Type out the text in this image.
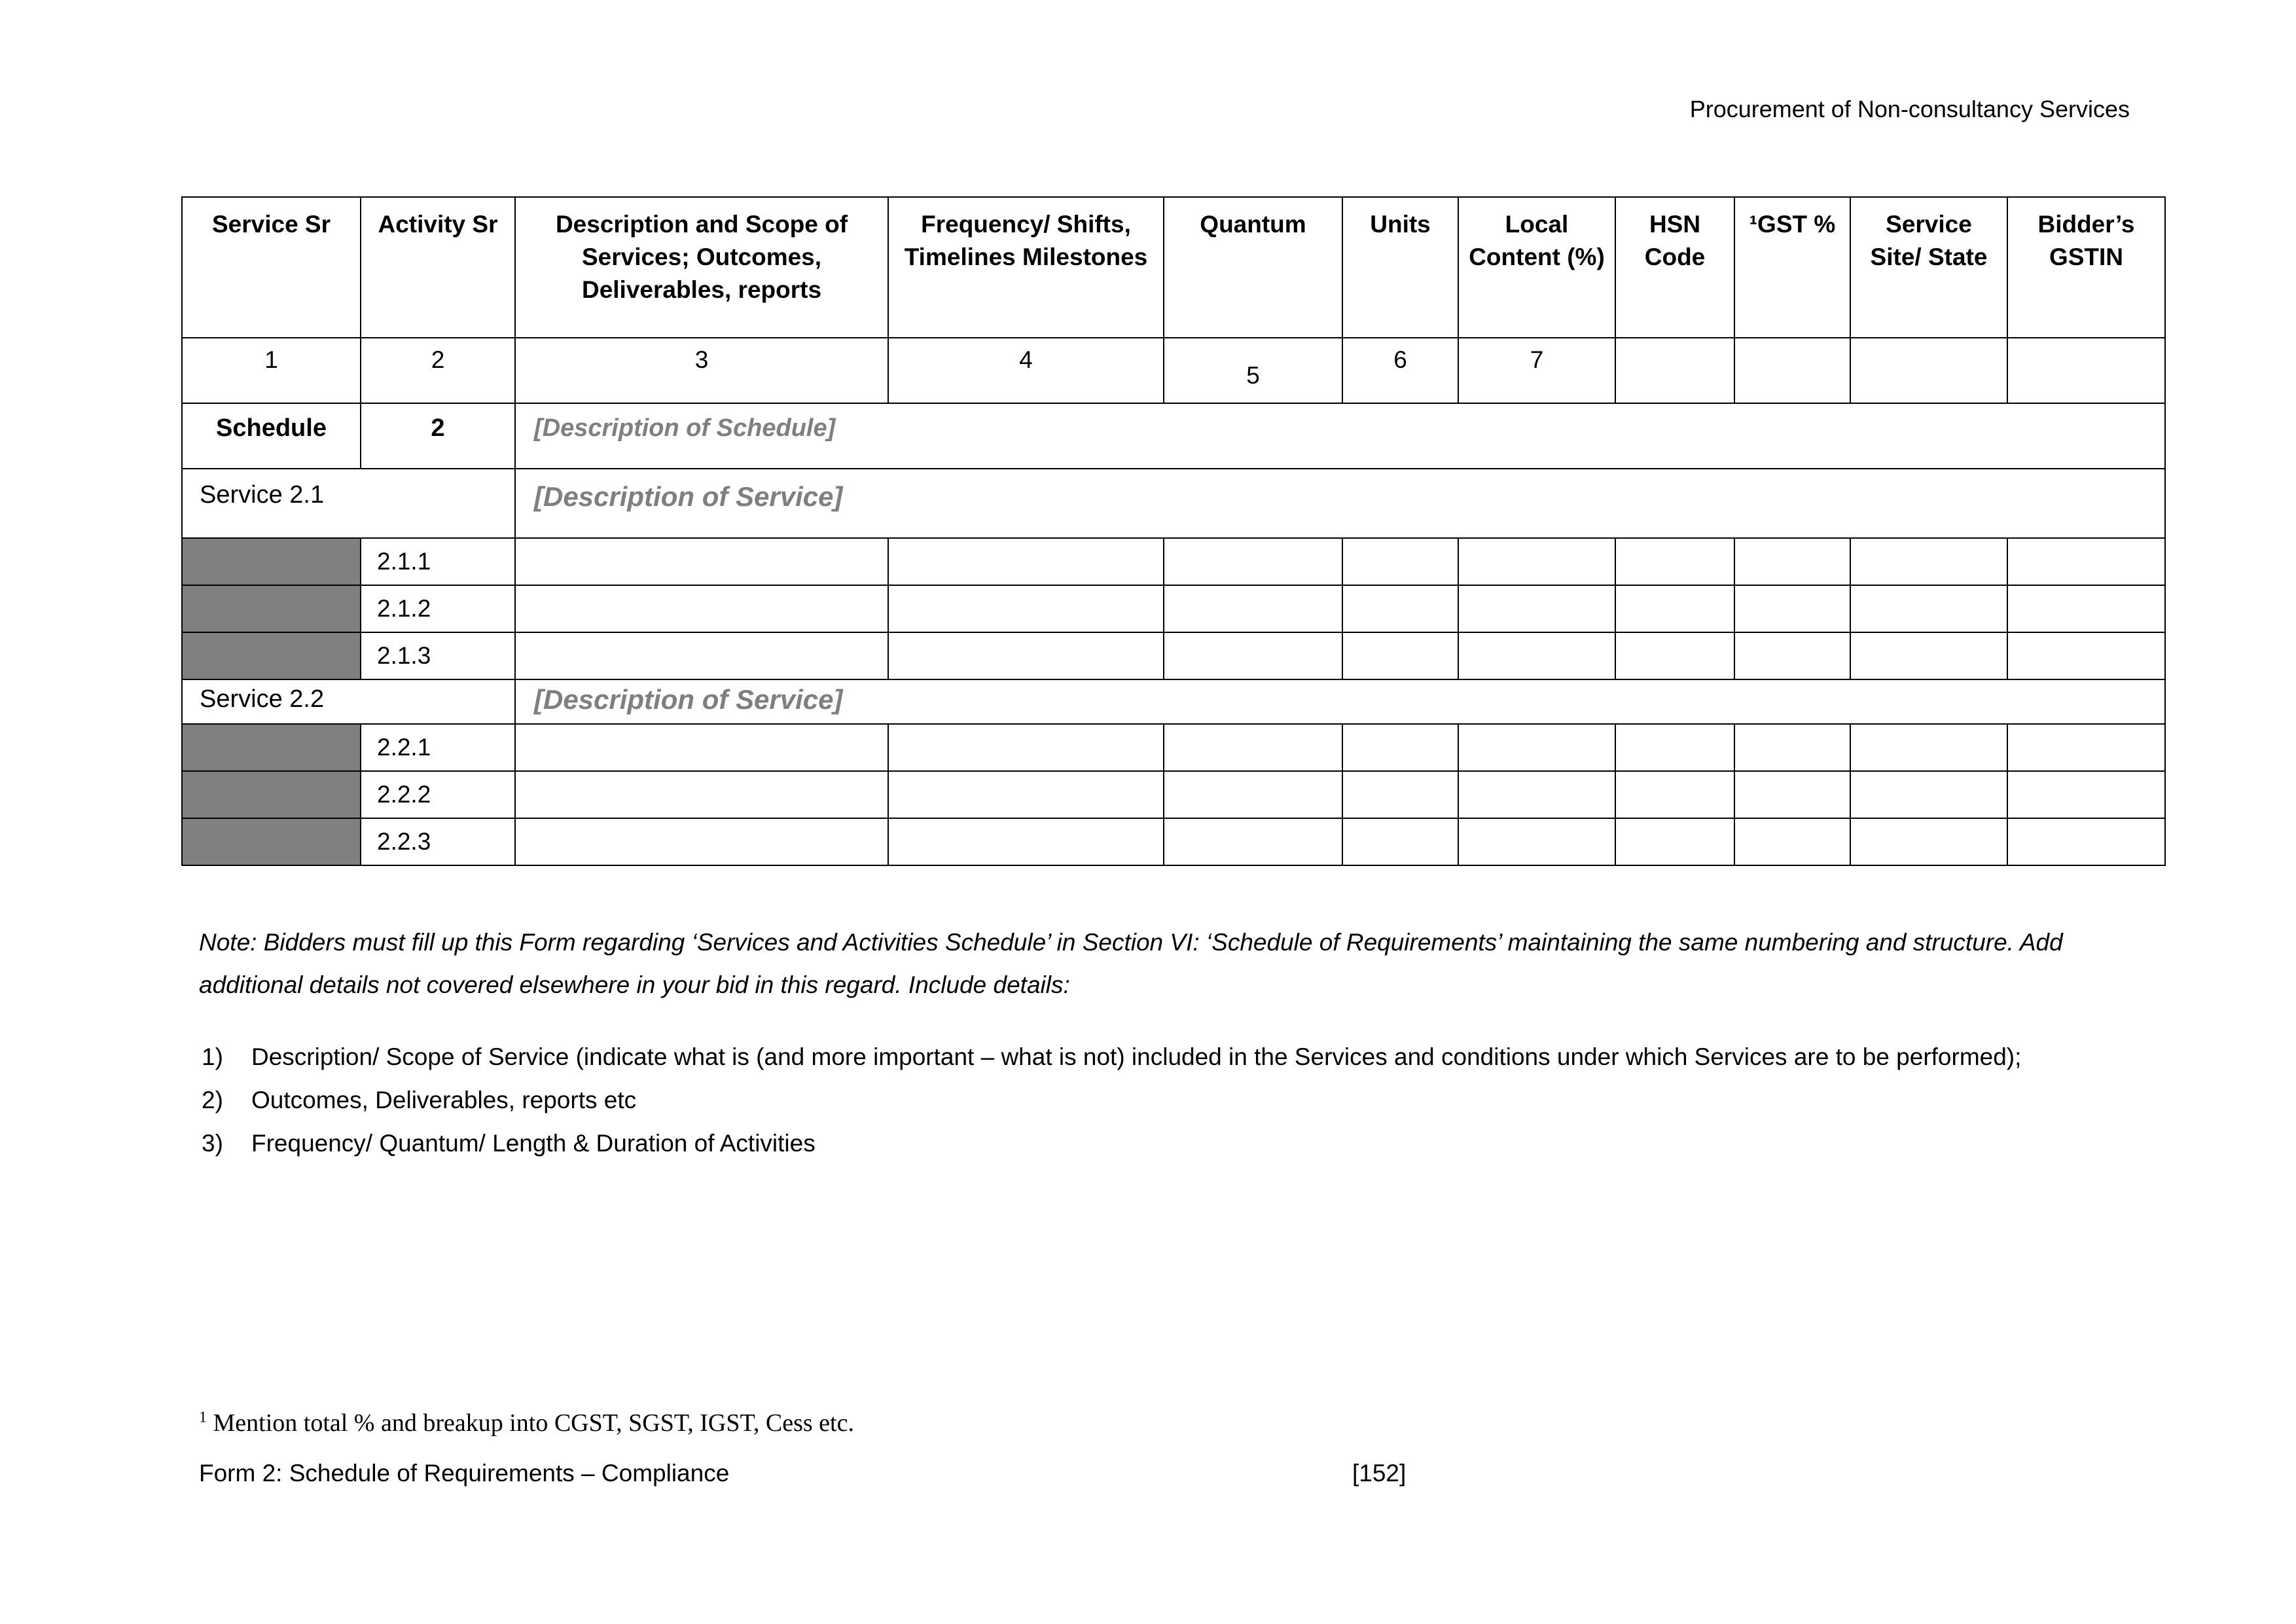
Procurement of Non-consultancy Services
Service Sr	Activity Sr	Description and Scope of Services; Outcomes, Deliverables, reports	Frequency/ Shifts, Timelines Milestones	Quantum	Units	Local Content (%)	HSN Code	¹GST %	Service Site/ State	Bidder’s GSTIN
1	2	3	4	5	6	7				
Schedule	2	[Description of Schedule]								
Service 2.1		[Description of Service]								
	2.1.1									
	2.1.2									
	2.1.3									
Service 2.2		[Description of Service]								
	2.2.1									
	2.2.2									
	2.2.3									
Note: Bidders must fill up this Form regarding ‘Services and Activities Schedule’ in Section VI: ‘Schedule of Requirements’ maintaining the same numbering and structure. Add additional details not covered elsewhere in your bid in this regard. Include details:
1)	Description/ Scope of Service (indicate what is (and more important – what is not) included in the Services and conditions under which Services are to be performed);
2)	Outcomes, Deliverables, reports etc
3)	Frequency/ Quantum/ Length & Duration of Activities
$^1$ Mention total % and breakup into CGST, SGST, IGST, Cess etc.
Form 2: Schedule of Requirements – Compliance	[152]
